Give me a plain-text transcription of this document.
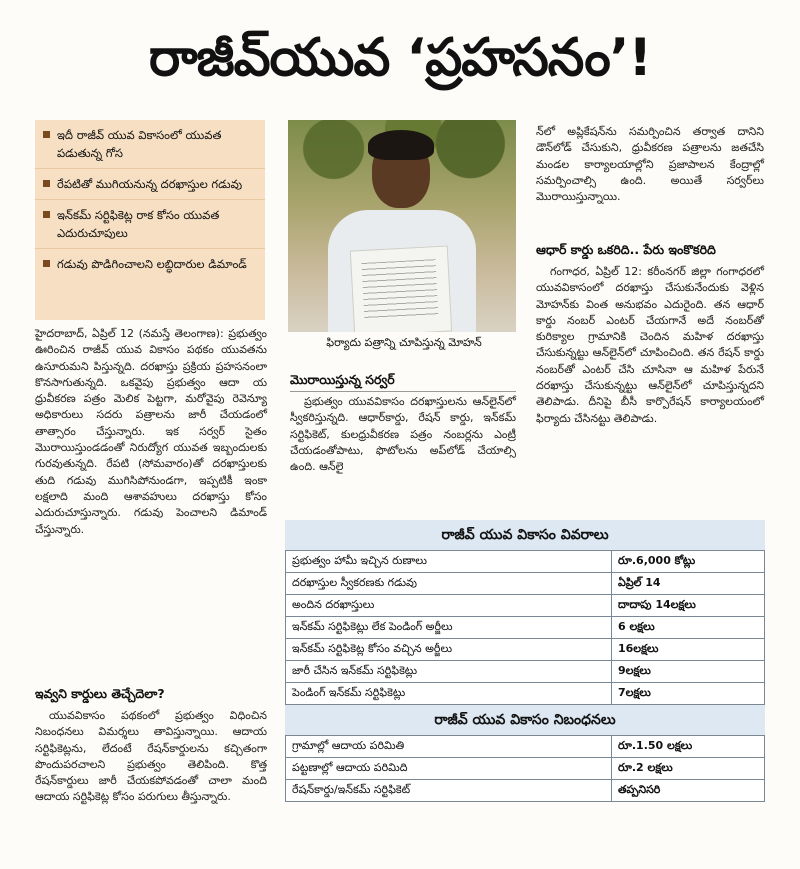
రాజీవ్‌యువ ‘ప్రహసనం’!
ఇదీ రాజీవ్ యువ వికాసంలో యువత పడుతున్న గోస
రేపటితో ముగియనున్న దరఖాస్తుల గడువు
ఇన్‌కమ్ సర్టిఫికెట్ల రాక కోసం యువత ఎదురుచూపులు
గడువు పొడిగించాలని లబ్ధిదారుల డిమాండ్
ఫిర్యాదు పత్రాన్ని చూపిస్తున్న మోహన్

హైదరాబాద్, ఏప్రిల్ 12 (నమస్తే తెలంగాణ): ప్రభుత్వం ఊరించిన రాజీవ్ యువ వికాసం పథకం యువతను ఉసూరుమని పిస్తున్నది. దరఖాస్తు ప్రక్రియ ప్రహసనంలా కొనసాగుతున్నది. ఒకవైపు ప్రభుత్వం ఆదా య ధ్రువీకరణ పత్రం మెలిక పెట్టగా, మరోవైపు రెవెన్యూ అధికారులు సదరు పత్రాలను జారీ చేయడంలో తాత్సారం చేస్తున్నారు. ఇక సర్వర్ సైతం మొరాయిస్తుండడంతో నిరుద్యోగ యువత ఇబ్బందులకు గురవుతున్నది. రేపటి (సోమవారం)తో దరఖాస్తులకు తుది గడువు ముగిసిపోనుండగా, ఇప్పటికీ ఇంకా లక్షలాది మంది ఆశావహులు దరఖాస్తు కోసం ఎదురుచూస్తున్నారు. గడువు పెంచాలని డిమాండ్ చేస్తున్నారు.

ఇవ్వని కార్డులు తెచ్చేదెలా?

యువవికాసం పథకంలో ప్రభుత్వం విధించిన నిబంధనలు విమర్శలు తావిస్తున్నాయి. ఆదాయ సర్టిఫికెట్లను, లేదంటే రేషన్‌కార్డులను కచ్చితంగా పొందుపరచాలని ప్రభుత్వం తెలిపింది. కొత్త రేషన్‌కార్డులు జారీ చేయకపోవడంతో చాలా మంది ఆదాయ సర్టిఫికెట్ల కోసం పరుగులు తీస్తున్నారు.

మొరాయిస్తున్న సర్వర్

ప్రభుత్వం యువవికాసం దరఖాస్తులను ఆన్‌లైన్‌లో స్వీకరిస్తున్నది. ఆధార్‌కార్డు, రేషన్ కార్డు, ఇన్‌కమ్ సర్టిఫికెట్, కులధ్రువీకరణ పత్రం నంబర్లను ఎంట్రీ చేయడంతోపాటు, ఫొటోలను అప్‌లోడ్ చేయాల్సి ఉంది. ఆన్‌లై

న్‌లో అప్లికేషన్‌ను సమర్పించిన తర్వాత దానిని డౌన్‌లోడ్ చేసుకుని, ధ్రువీకరణ పత్రాలను జతచేసి మండల కార్యాలయాల్లోని ప్రజాపాలన కేంద్రాల్లో సమర్పించాల్సి ఉంది. అయితే సర్వర్‌లు మొరాయిస్తున్నాయి.

ఆధార్ కార్డు ఒకరిది.. పేరు ఇంకొకరిది

గంగాధర, ఏప్రిల్ 12: కరీంనగర్ జిల్లా గంగాధరలో యువవికాసంలో దరఖాస్తు చేసుకునేందుకు వెళ్లిన మోహన్‌కు వింత అనుభవం ఎదురైంది. తన ఆధార్ కార్డు నంబర్ ఎంటర్ చేయగానే అదే నంబర్‌తో కురిక్యాల గ్రామానికి చెందిన మహిళ దరఖాస్తు చేసుకున్నట్టు ఆన్‌లైన్‌లో చూపించింది. తన రేషన్ కార్డు నంబర్‌తో ఎంటర్ చేసి చూసినా ఆ మహిళ పేరునే దరఖాస్తు చేసుకున్నట్టు ఆన్‌లైన్‌లో చూపిస్తున్నదని తెలిపాడు. దీనిపై బీసీ కార్పొరేషన్ కార్యాలయంలో ఫిర్యాదు చేసినట్టు తెలిపాడు.

రాజీవ్ యువ వికాసం వివరాలు
ప్రభుత్వం హామీ ఇచ్చిన రుణాలు	రూ.6,000 కోట్లు
దరఖాస్తుల స్వీకరణకు గడువు	ఏప్రిల్ 14
అందిన దరఖాస్తులు	దాదాపు 14లక్షలు
ఇన్‌కమ్ సర్టిఫికెట్లు లేక పెండింగ్ అర్జీలు	6 లక్షలు
ఇన్‌కమ్ సర్టిఫికెట్ల కోసం వచ్చిన అర్జీలు	16లక్షలు
జారీ చేసిన ఇన్‌కమ్ సర్టిఫికెట్లు	9లక్షలు
పెండింగ్ ఇన్‌కమ్ సర్టిఫికెట్లు	7లక్షలు
రాజీవ్ యువ వికాసం నిబంధనలు
గ్రామాల్లో ఆదాయ పరిమితి	రూ.1.50 లక్షలు
పట్టణాల్లో ఆదాయ పరిమిది	రూ.2 లక్షలు
రేషన్‌కార్డు/ఇన్‌కమ్ సర్టిఫికెట్	తప్పనిసరి
